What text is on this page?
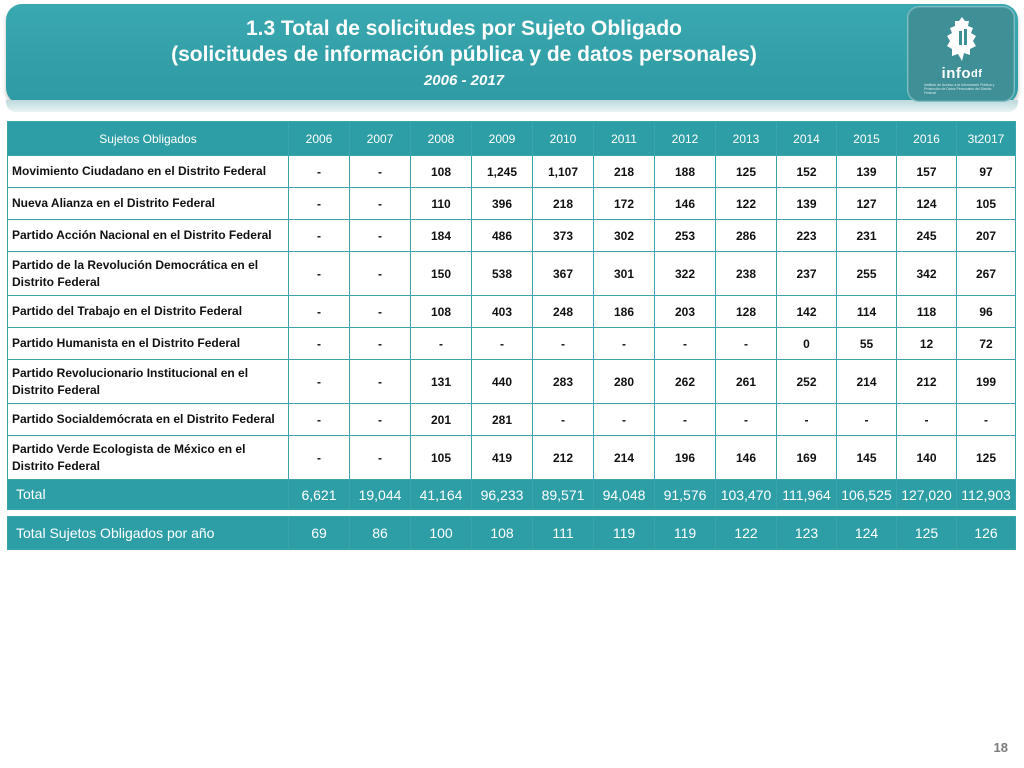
1.3 Total de solicitudes por Sujeto Obligado
(solicitudes de información pública y de datos personales)
2006 - 2017	infodf
Instituto de Acceso a la Información Pública y Protección de Datos Personales del Distrito Federal
Sujetos Obligados	2006	2007	2008	2009	2010	2011	2012	2013	2014	2015	2016	3t2017
Movimiento Ciudadano en el Distrito Federal	-	-	108	1,245	1,107	218	188	125	152	139	157	97
Nueva Alianza en el Distrito Federal	-	-	110	396	218	172	146	122	139	127	124	105
Partido Acción Nacional en el Distrito Federal	-	-	184	486	373	302	253	286	223	231	245	207
Partido de la Revolución Democrática en el Distrito Federal	-	-	150	538	367	301	322	238	237	255	342	267
Partido del Trabajo en el Distrito Federal	-	-	108	403	248	186	203	128	142	114	118	96
Partido Humanista en el Distrito Federal	-	-	-	-	-	-	-	-	0	55	12	72
Partido Revolucionario Institucional en el Distrito Federal	-	-	131	440	283	280	262	261	252	214	212	199
Partido Socialdemócrata en el Distrito Federal	-	-	201	281	-	-	-	-	-	-	-	-
Partido Verde Ecologista de México en el Distrito Federal	-	-	105	419	212	214	196	146	169	145	140	125
Total	6,621	19,044	41,164	96,233	89,571	94,048	91,576	103,470	111,964	106,525	127,020	112,903

Total Sujetos Obligados por año	69	86	100	108	111	119	119	122	123	124	125	126
18
